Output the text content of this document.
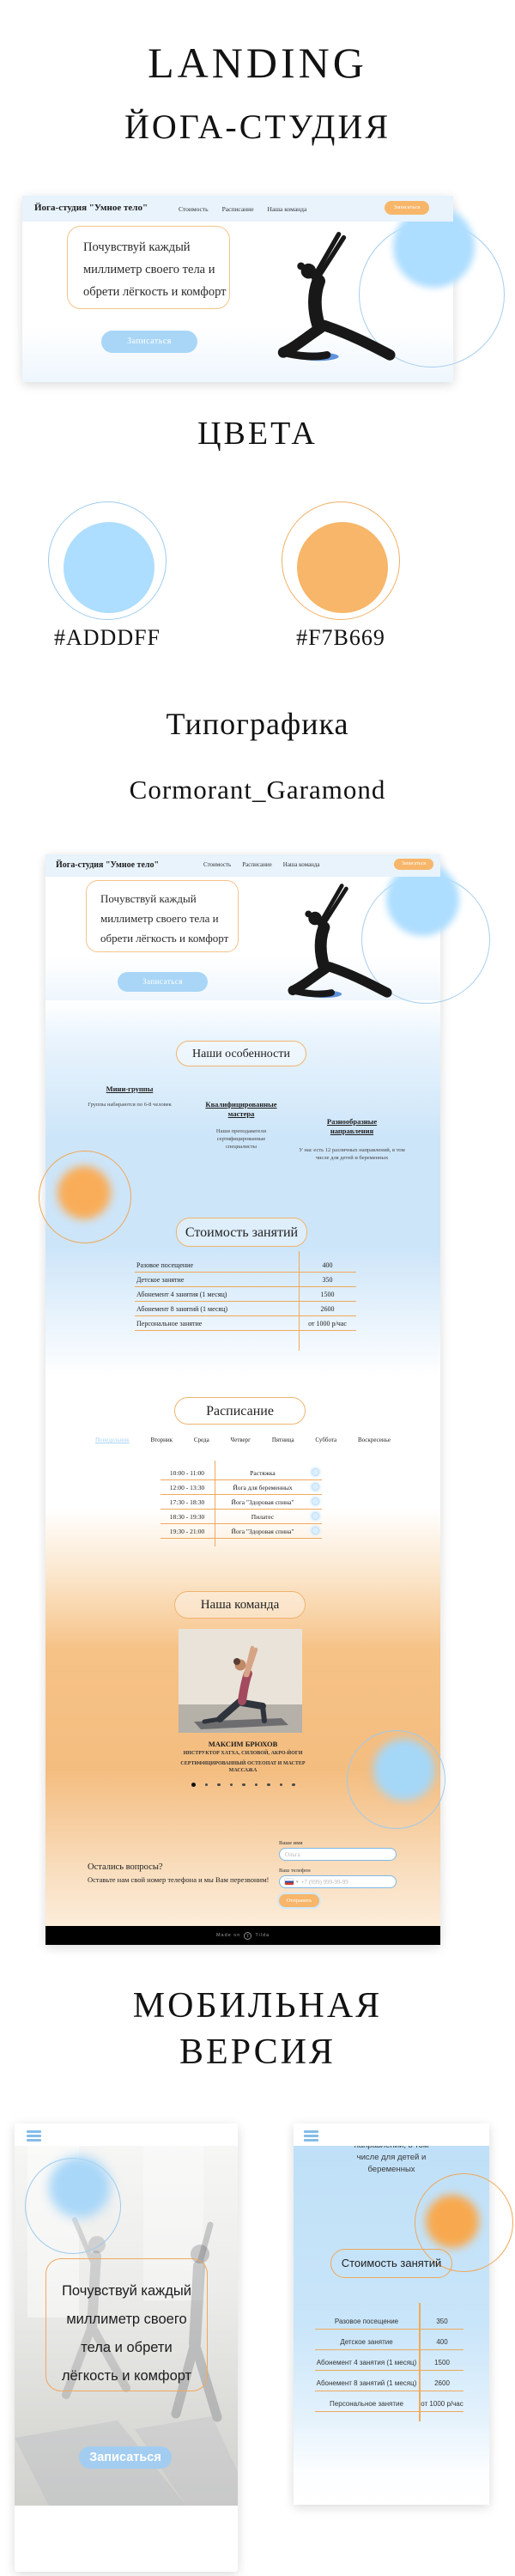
LANDING
ЙОГА-СТУДИЯ
Йога-студия "Умное тело"	Стоимость Расписание Наша команда	Записаться
Почувствуй каждый
миллиметр своего тела и
обрети лёгкость и комфорт
Записаться
ЦВЕТА
#ADDDFF	#F7B669
Типографика
Cormorant_Garamond
Йога-студия "Умное тело"	Стоимость Расписание Наша команда	Записаться
Почувствуй каждый
миллиметр своего тела и
обрети лёгкость и комфорт
Записаться
Наши особенности
Мини-группы
Группы набираются по 6-8 человек	Квалифицированные мастера
Наши преподаватели сертифицированные специалисты
Разнообразные направления
У нас есть 12 различных направлений, в том числе для детей и беременных
Стоимость занятий
Разовое посещение	400
Детское занятие	350
Абонемент 4 занятия (1 месяц)	1500
Абонемент 8 занятий (1 месяц)	2600
Персональное занятие	от 1000 р/час
Расписание
Понедельник	Вторник	Среда	Четверг	Пятница	Суббота	Воскресенье
10:00 - 11:00	Растяжка
12:00 - 13:30	Йога для беременных
17:30 - 18:30	Йога "Здоровая спина"
18:30 - 19:30	Пилатес
19:30 - 21:00	Йога "Здоровая спина"
Наша команда
МАКСИМ БРЮХОВ
ИНСТРУКТОР ХАТХА, СИЛОВОЙ, АКРО-ЙОГИ
СЕРТИФИЦИРОВАННЫЙ ОСТЕОПАТ И МАСТЕР МАССАЖА

Остались вопросы?
Оставьте нам свой номер телефона и мы Вам перезвоним!
Ваше имя
Ольга
Ваш телефон
▾
+7 (999) 999-99-99
Отправить
Made on	T	Tilda
МОБИЛЬНАЯ
ВЕРСИЯ
Почувствуй каждый
миллиметр своего
тела и обрети
лёгкость и комфорт
Записаться
числе для детей и
беременных
Стоимость занятий
Разовое посещение	350
Детское занятие	400
Абонемент 4 занятия (1 месяц)	1500
Абонемент 8 занятий (1 месяц)	2600
Персональное занятие	от 1000 р/час
